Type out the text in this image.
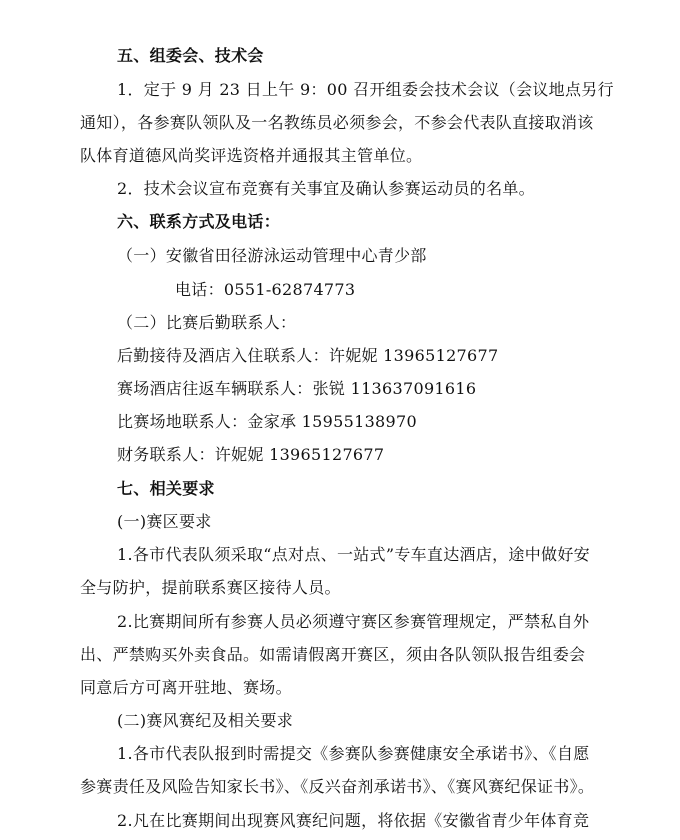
五、组委会、技术会
1．定于 9 月 23 日上午 9：00 召开组委会技术会议（会议地点另行
通知），各参赛队领队及一名教练员必须参会，不参会代表队直接取消该
队体育道德风尚奖评选资格并通报其主管单位。
2．技术会议宣布竞赛有关事宜及确认参赛运动员的名单。
六、联系方式及电话：
（一）安徽省田径游泳运动管理中心青少部
电话：0551-62874773
（二）比赛后勤联系人：
后勤接待及酒店入住联系人：许妮妮 13965127677
赛场酒店往返车辆联系人：张锐 113637091616
比赛场地联系人：金家承 15955138970
财务联系人：许妮妮 13965127677
七、相关要求
(一)赛区要求
1.各市代表队须采取“点对点、一站式”专车直达酒店，途中做好安
全与防护，提前联系赛区接待人员。
2.比赛期间所有参赛人员必须遵守赛区参赛管理规定，严禁私自外
出、严禁购买外卖食品。如需请假离开赛区，须由各队领队报告组委会
同意后方可离开驻地、赛场。
(二)赛风赛纪及相关要求
1.各市代表队报到时需提交《参赛队参赛健康安全承诺书》、《自愿
参赛责任及风险告知家长书》、《反兴奋剂承诺书》、《赛风赛纪保证书》。
2.凡在比赛期间出现赛风赛纪问题，将依据《安徽省青少年体育竞
